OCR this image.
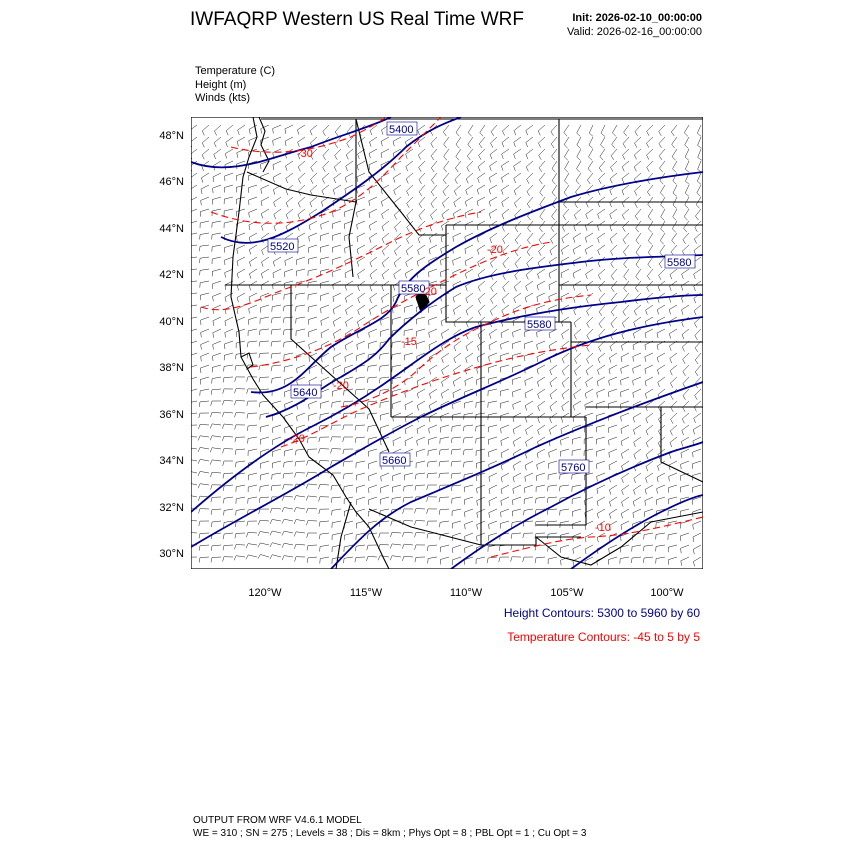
IWFAQRP Western US Real Time WRF	Init: 2026-02-10_00:00:00
Valid: 2026-02-16_00:00:00
Temperature (C)
Height (m)
Winds (kts)
5400
5520
5580
5640
5580
5660
5760
5580
-30
-20
-20
-15
-20
-20
-10
48°N
46°N
44°N
42°N
40°N
38°N
36°N
34°N
32°N
30°N
120°W	115°W	110°W	105°W	100°W
Height Contours: 5300 to 5960 by 60
Temperature Contours: -45 to 5 by 5
OUTPUT FROM WRF V4.6.1 MODEL
WE = 310 ; SN = 275 ; Levels = 38 ; Dis = 8km ; Phys Opt = 8 ; PBL Opt = 1 ; Cu Opt = 3
